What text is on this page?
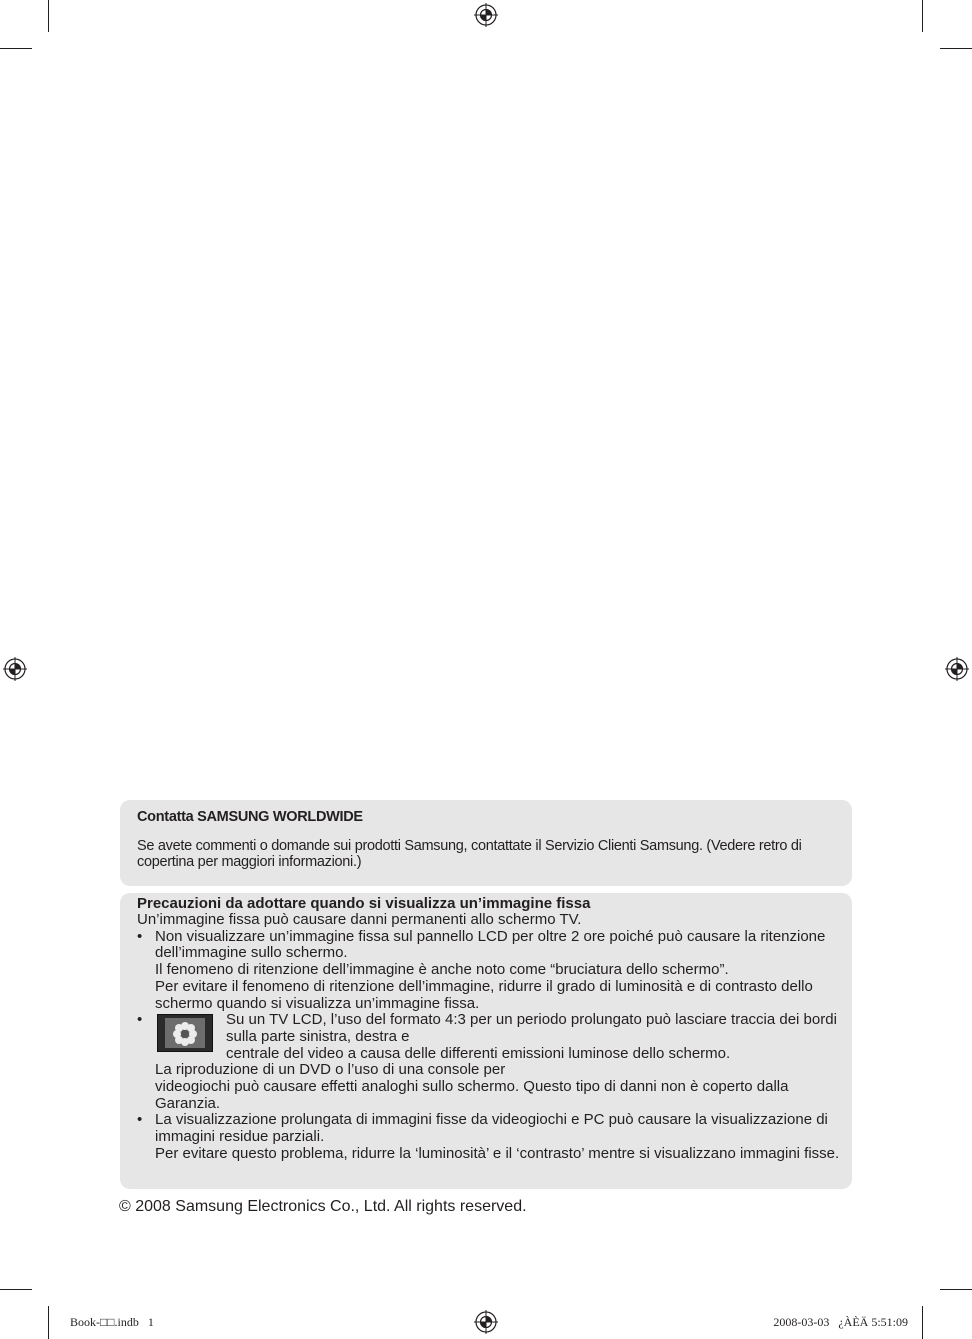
Contatta SAMSUNG WORLDWIDE
Se avete commenti o domande sui prodotti Samsung, contattate il Servizio Clienti Samsung. (Vedere retro di copertina per maggiori informazioni.)
Precauzioni da adottare quando si visualizza un’immagine fissa
Un’immagine fissa può causare danni permanenti allo schermo TV.
• Non visualizzare un’immagine fissa sul pannello LCD per oltre 2 ore poiché può causare la ritenzione dell’immagine sullo schermo.
Il fenomeno di ritenzione dell’immagine è anche noto come “bruciatura dello schermo”.
Per evitare il fenomeno di ritenzione dell’immagine, ridurre il grado di luminosità e di contrasto dello schermo quando si visualizza un’immagine fissa.
•	Su un TV LCD, l’uso del formato 4:3 per un periodo prolungato può lasciare traccia dei bordi sulla parte sinistra, destra e
centrale del video a causa delle differenti emissioni luminose dello schermo.
La riproduzione di un DVD o l’uso di una console per
videogiochi può causare effetti analoghi sullo schermo. Questo tipo di danni non è coperto dalla Garanzia.
• La visualizzazione prolungata di immagini fisse da videogiochi e PC può causare la visualizzazione di immagini residue parziali.
Per evitare questo problema, ridurre la ‘luminosità’ e il ‘contrasto’ mentre si visualizzano immagini fisse.
© 2008 Samsung Electronics Co., Ltd. All rights reserved.
Book-□□.indb   1	2008-03-03   ¿ÀÈÄ 5:51:09
